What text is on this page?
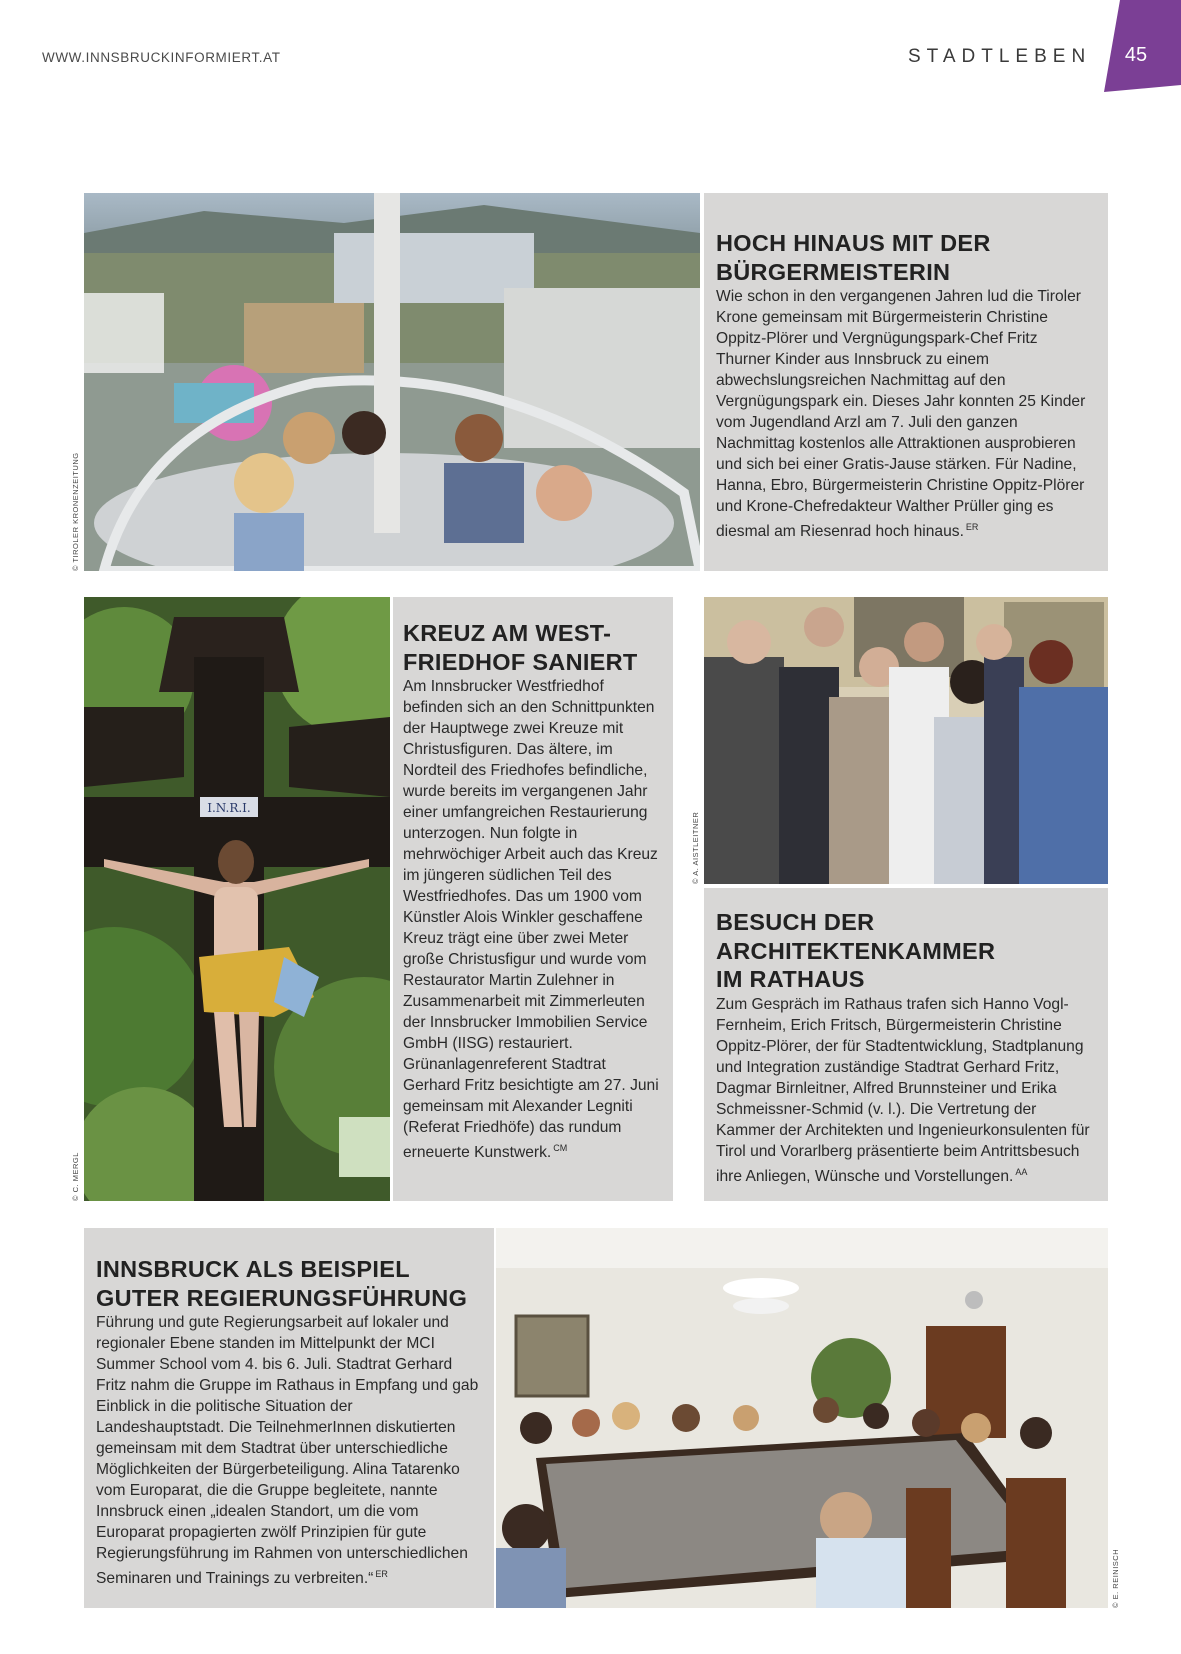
WWW.INNSBRUCKINFORMIERT.AT	STADTLEBEN	45
© TIROLER KRONENZEITUNG
HOCH HINAUS MIT DER BÜRGERMEISTERIN

Wie schon in den vergangenen Jahren lud die Tiroler Krone gemeinsam mit Bürgermeisterin Christine Oppitz-Plörer und Vergnügungspark-Chef Fritz Thurner Kinder aus Innsbruck zu einem abwechslungsreichen Nachmittag auf den Vergnügungspark ein. Dieses Jahr konnten 25 Kinder vom Jugendland Arzl am 7. Juli den ganzen Nachmittag kostenlos alle Attraktionen ausprobieren und sich bei einer Gratis-Jause stärken. Für Nadine, Hanna, Ebro, Bürgermeisterin Christine Oppitz-Plörer und Krone-Chefredakteur Walther Prüller ging es diesmal am Riesenrad hoch hinaus. $^{ER}$

I.N.R.I.
© C. MERGL
KREUZ AM WEST-FRIEDHOF SANIERT

Am Innsbrucker Westfriedhof befinden sich an den Schnittpunkten der Hauptwege zwei Kreuze mit Christusfiguren. Das ältere, im Nordteil des Friedhofes befindliche, wurde bereits im vergangenen Jahr einer umfangreichen Restaurierung unterzogen. Nun folgte in mehrwöchiger Arbeit auch das Kreuz im jüngeren südlichen Teil des Westfriedhofes. Das um 1900 vom Künstler Alois Winkler geschaffene Kreuz trägt eine über zwei Meter große Christusfigur und wurde vom Restaurator Martin Zulehner in Zusammenarbeit mit Zimmerleuten der Innsbrucker Immobilien Service GmbH (IISG) restauriert. Grünanlagenreferent Stadtrat Gerhard Fritz besichtigte am 27. Juni gemeinsam mit Alexander Legniti (Referat Friedhöfe) das rundum erneuerte Kunstwerk. $^{CM}$

© A. AISTLEITNER
BESUCH DER ARCHITEKTENKAMMER IM RATHAUS

Zum Gespräch im Rathaus trafen sich Hanno Vogl-Fernheim, Erich Fritsch, Bürgermeisterin Christine Oppitz-Plörer, der für Stadtentwicklung, Stadtplanung und Integration zuständige Stadtrat Gerhard Fritz, Dagmar Birnleitner, Alfred Brunnsteiner und Erika Schmeissner-Schmid (v. l.). Die Vertretung der Kammer der Architekten und Ingenieurkonsulenten für Tirol und Vorarlberg präsentierte beim Antrittsbesuch ihre Anliegen, Wünsche und Vorstellungen. $^{AA}$

INNSBRUCK ALS BEISPIEL GUTER REGIERUNGSFÜHRUNG

Führung und gute Regierungsarbeit auf lokaler und regionaler Ebene standen im Mittelpunkt der MCI Summer School vom 4. bis 6. Juli. Stadtrat Gerhard Fritz nahm die Gruppe im Rathaus in Empfang und gab Einblick in die politische Situation der Landeshauptstadt. Die TeilnehmerInnen diskutierten gemeinsam mit dem Stadtrat über unterschiedliche Möglichkeiten der Bürgerbeteiligung. Alina Tatarenko vom Europarat, die die Gruppe begleitete, nannte Innsbruck einen „idealen Standort, um die vom Europarat propagierten zwölf Prinzipien für gute Regierungsführung im Rahmen von unterschiedlichen Seminaren und Trainings zu verbreiten.“ $^{ER}$	© E. REINISCH
